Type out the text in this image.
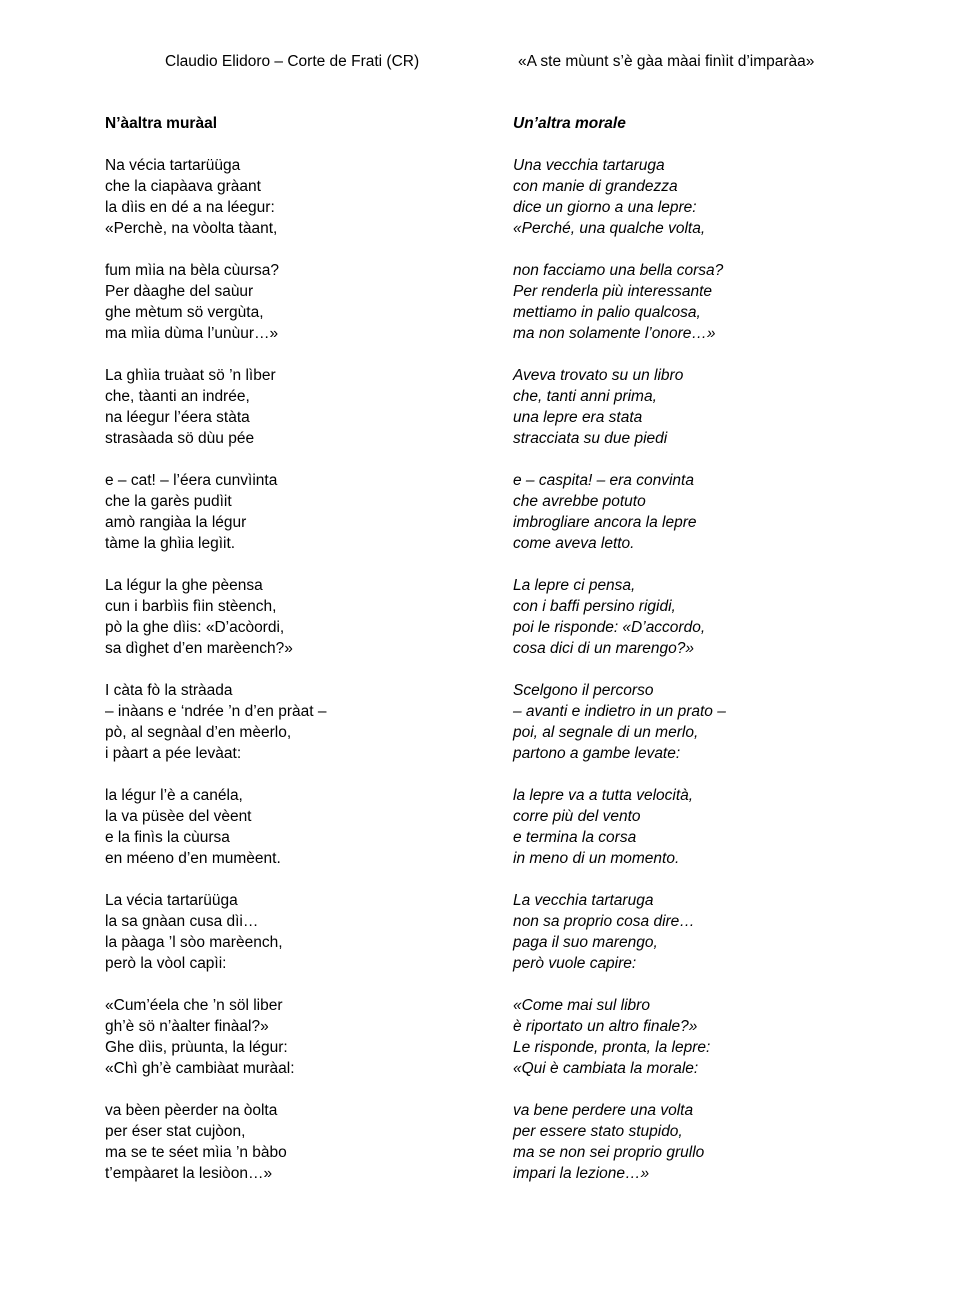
Claudio Elidoro – Corte de Frati (CR)	«A ste mùunt s’è gàa màai finìit d’imparàa»
N’àaltra muràal
Na vécia tartarüüga
che la ciapàava gràant
la dìis en dé a na léegur:
«Perchè, na vòolta tàant,
fum mìia na bèla cùursa?
Per dàaghe del saùur
ghe mètum sö vergùta,
ma mìia dùma l’unùur…»
La ghìia truàat sö ’n lìber
che, tàanti an indrée,
na léegur l’éera stàta
strasàada sö dùu pée
e – cat! – l’éera cunvìinta
che la garès pudìit
amò rangiàa la légur
tàme la ghìia legìit.
La légur la ghe pèensa
cun i barbìis fìin stèench,
pò la ghe dìis: «D’acòordi,
sa dìghet d’en marèench?»
I càta fò la stràada
– inàans e ‘ndrée ’n d’en pràat –
pò, al segnàal d’en mèerlo,
i pàart a pée levàat:
la légur l’è a canéla,
la va püsèe del vèent
e la finìs la cùursa
en méeno d’en mumèent.
La vécia tartarüüga
la sa gnàan cusa dìi…
la pàaga ’l sòo marèench,
però la vòol capìi:
«Cum’éela che ’n söl liber
gh’è sö n’àalter finàal?»
Ghe dìis, prùunta, la légur:
«Chì gh’è cambiàat muràal:
va bèen pèerder na òolta
per éser stat cujòon,
ma se te séet mìia ’n bàbo
t’empàaret la lesiòon…»
Un’altra morale
Una vecchia tartaruga
con manie di grandezza
dice un giorno a una lepre:
«Perché, una qualche volta,
non facciamo una bella corsa?
Per renderla più interessante
mettiamo in palio qualcosa,
ma non solamente l’onore…»
Aveva trovato su un libro
che, tanti anni prima,
una lepre era stata
stracciata su due piedi
e – caspita! – era convinta
che avrebbe potuto
imbrogliare ancora la lepre
come aveva letto.
La lepre ci pensa,
con i baffi persino rigidi,
poi le risponde: «D’accordo,
cosa dici di un marengo?»
Scelgono il percorso
– avanti e indietro in un prato –
poi, al segnale di un merlo,
partono a gambe levate:
la lepre va a tutta velocità,
corre più del vento
e termina la corsa
in meno di un momento.
La vecchia tartaruga
non sa proprio cosa dire…
paga il suo marengo,
però vuole capire:
«Come mai sul libro
è riportato un altro finale?»
Le risponde, pronta, la lepre:
«Qui è cambiata la morale:
va bene perdere una volta
per essere stato stupido,
ma se non sei proprio grullo
impari la lezione…»
